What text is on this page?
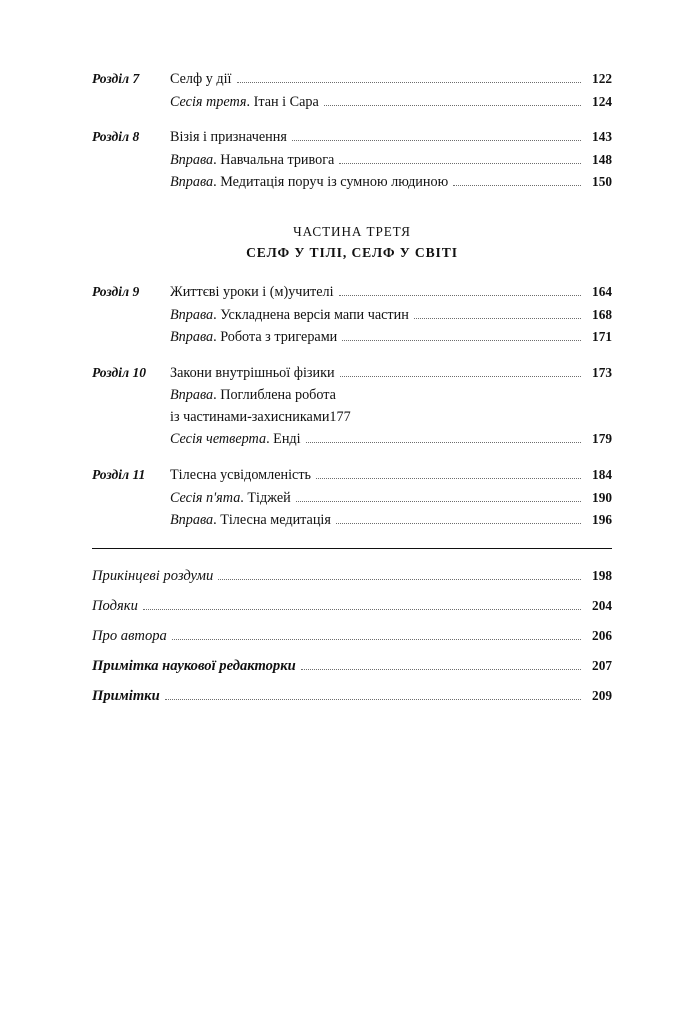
Розділ 7	Селф у дії	122
Сесія третя. Ітан і Сара	124
Розділ 8	Візія і призначення	143
Вправа. Навчальна тривога	148
Вправа. Медитація поруч із сумною людиною	150
ЧАСТИНА ТРЕТЯ
СЕЛФ У ТІЛІ, СЕЛФ У СВІТІ
Розділ 9	Життєві уроки і (м)учителі	164
Вправа. Ускладнена версія мапи частин	168
Вправа. Робота з тригерами	171
Розділ 10	Закони внутрішньої фізики	173
Вправа. Поглиблена робота
із частинами-захисниками 177
Сесія четверта. Енді	179
Розділ 11	Тілесна усвідомленість	184
Сесія п'ята. Тіджей	190
Вправа. Тілесна медитація	196
Прикінцеві роздуми	198
Подяки	204
Про автора	206
Примітка наукової редакторки	207
Примітки	209
